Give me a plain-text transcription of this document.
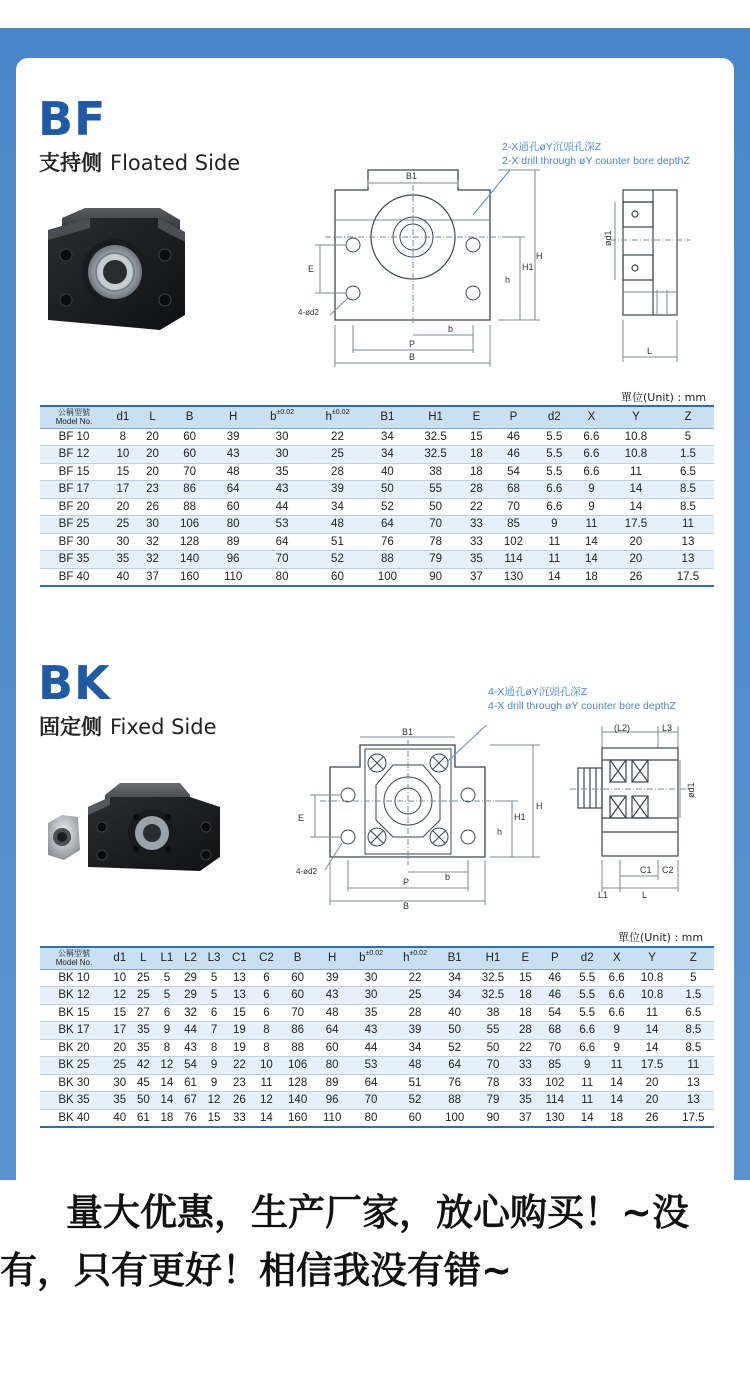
BF
支持侧 Floated Side
B1
E
H
H1
h
4-ød2
b
P
B
2-X通孔øY沉頭孔深Z
2-X drill through øY counter bore depthZ
ød1
L
單位(Unit) : mm
公稱型號
Model No.	d1	L	B	H	$b^{\pm 0.02}$	$h^{\pm 0.02}$	B1	H1	E	P	d2	X	Y	Z
BF 10	8	20	60	39	30	22	34	32.5	15	46	5.5	6.6	10.8	5
BF 12	10	20	60	43	30	25	34	32.5	18	46	5.5	6.6	10.8	1.5
BF 15	15	20	70	48	35	28	40	38	18	54	5.5	6.6	11	6.5
BF 17	17	23	86	64	43	39	50	55	28	68	6.6	9	14	8.5
BF 20	20	26	88	60	44	34	52	50	22	70	6.6	9	14	8.5
BF 25	25	30	106	80	53	48	64	70	33	85	9	11	17.5	11
BF 30	30	32	128	89	64	51	76	78	33	102	11	14	20	13
BF 35	35	32	140	96	70	52	88	79	35	114	11	14	20	13
BF 40	40	37	160	110	80	60	100	90	37	130	14	18	26	17.5
BK
固定侧 Fixed Side	B1
E
H
H1
h
4-ød2
b
P
B
4-X通孔øY沉頭孔深Z
4-X drill through øY counter bore depthZ
(L2)	L3
ød1
L1
C1 C2
L
單位(Unit) : mm
公稱型號
Model No.	d1	L	L1	L2	L3	C1	C2	B	H	$b^{\pm 0.02}$	$h^{\pm 0.02}$	B1	H1	E	P	d2	X	Y	Z
BK 10	10	25	5	29	5	13	6	60	39	30	22	34	32.5	15	46	5.5	6.6	10.8	5
BK 12	12	25	5	29	5	13	6	60	43	30	25	34	32.5	18	46	5.5	6.6	10.8	1.5
BK 15	15	27	6	32	6	15	6	70	48	35	28	40	38	18	54	5.5	6.6	11	6.5
BK 17	17	35	9	44	7	19	8	86	64	43	39	50	55	28	68	6.6	9	14	8.5
BK 20	20	35	8	43	8	19	8	88	60	44	34	52	50	22	70	6.6	9	14	8.5
BK 25	25	42	12	54	9	22	10	106	80	53	48	64	70	33	85	9	11	17.5	11
BK 30	30	45	14	61	9	23	11	128	89	64	51	76	78	33	102	11	14	20	13
BK 35	35	50	14	67	12	26	12	140	96	70	52	88	79	35	114	11	14	20	13
BK 40	40	61	18	76	15	33	14	160	110	80	60	100	90	37	130	14	18	26	17.5
量大优惠，生产厂家，放心购买！~没有，只有更好！相信我没有错~
